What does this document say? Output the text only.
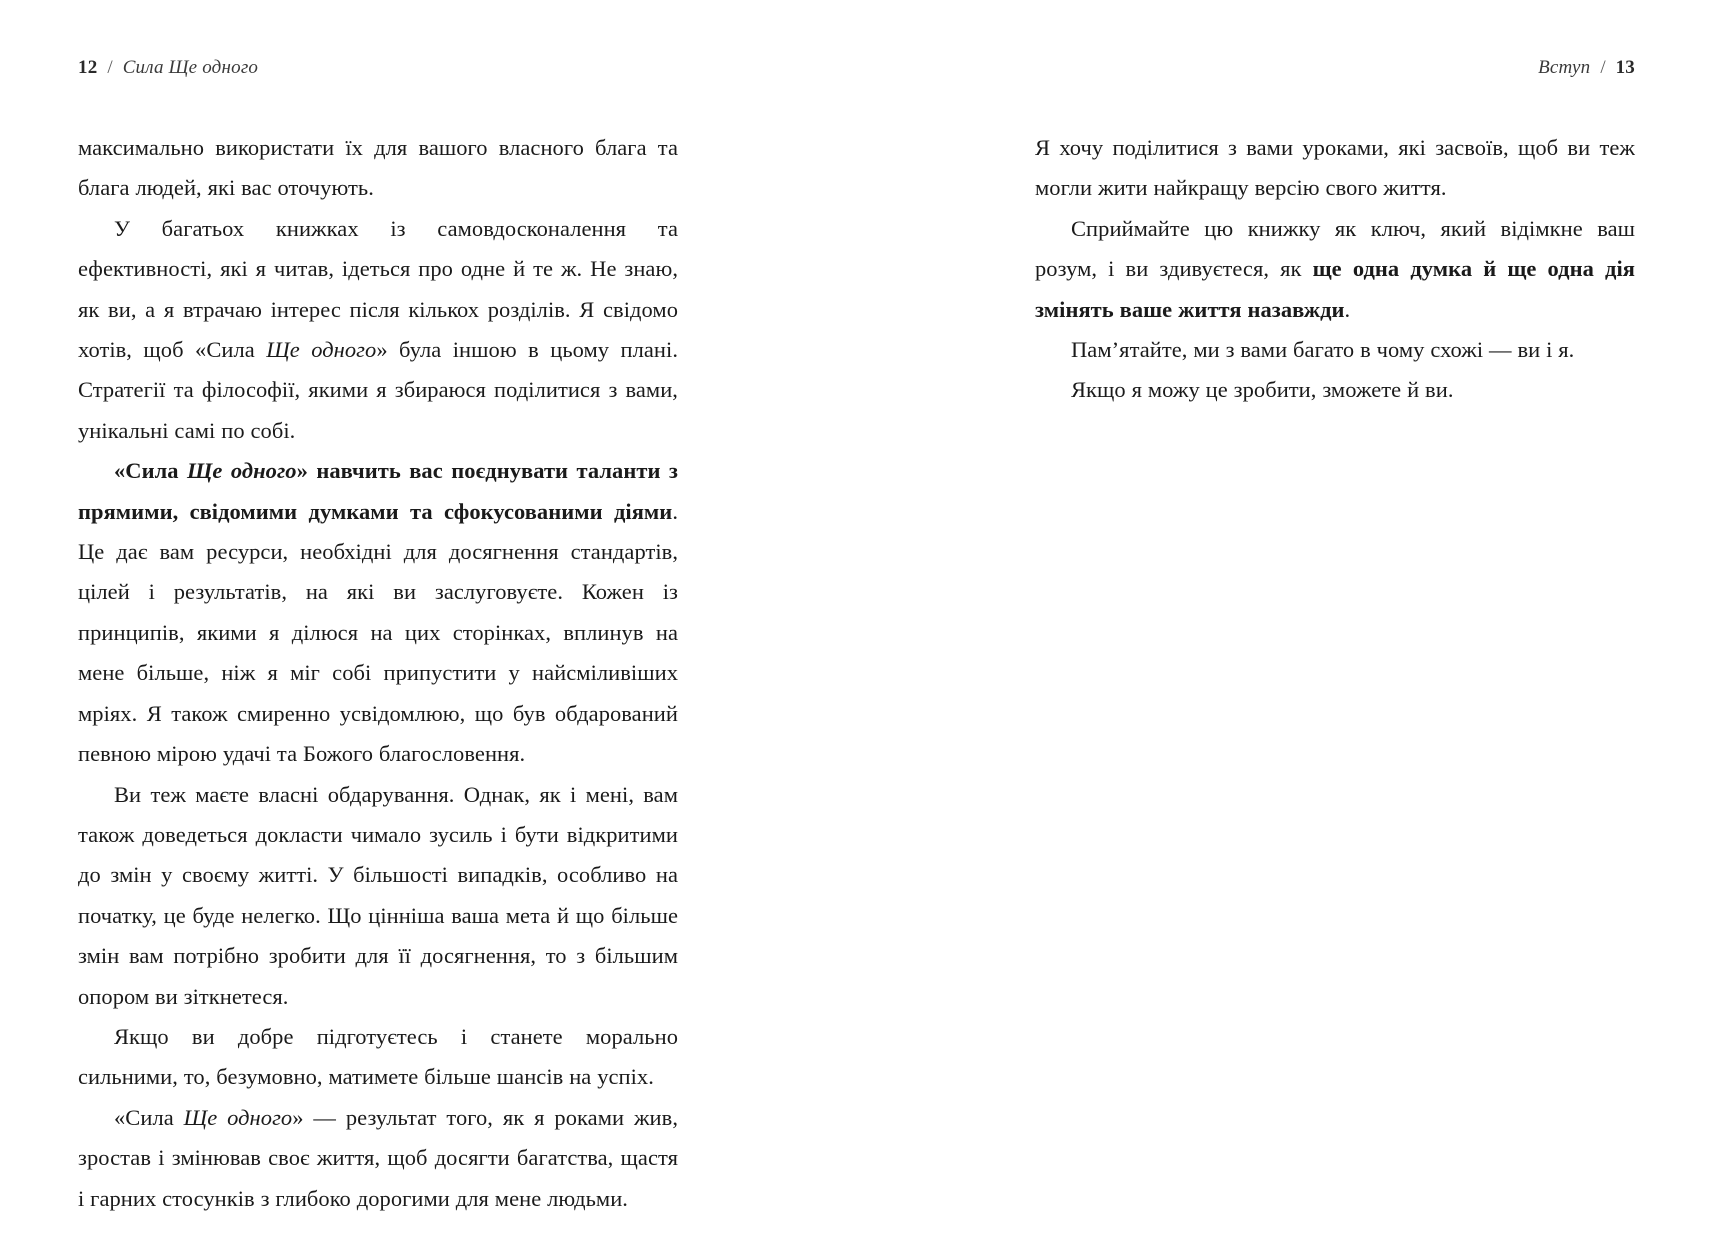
12 / Сила Ще одного	Вступ / 13

максимально використати їх для вашого власного блага та блага людей, які вас оточують.

У багатьох книжках із самовдосконалення та ефективності, які я читав, ідеться про одне й те ж. Не знаю, як ви, а я втрачаю інтерес після кількох розділів. Я свідомо хотів, щоб «Сила Ще одного» була іншою в цьому плані. Стратегії та філософії, якими я збираюся поділитися з вами, унікальні самі по собі.

«Сила Ще одного» навчить вас поєднувати таланти з прямими, свідомими думками та сфокусованими діями. Це дає вам ресурси, необхідні для досягнення стандартів, цілей і результатів, на які ви заслуговуєте. Кожен із принципів, якими я ділюся на цих сторінках, вплинув на мене більше, ніж я міг собі припустити у найсміливіших мріях. Я також смиренно усвідомлюю, що був обдарований певною мірою удачі та Божого благословення.

Ви теж маєте власні обдарування. Однак, як і мені, вам також доведеться докласти чимало зусиль і бути відкритими до змін у своєму житті. У більшості випадків, особливо на початку, це буде нелегко. Що цінніша ваша мета й що більше змін вам потрібно зробити для її досягнення, то з більшим опором ви зіткнетеся.

Якщо ви добре підготуєтесь і станете морально сильними, то, безумовно, матимете більше шансів на успіх.

«Сила Ще одного» — результат того, як я роками жив, зростав і змінював своє життя, щоб досягти багатства, щастя і гарних стосунків з глибоко дорогими для мене людьми.

Я хочу поділитися з вами уроками, які засвоїв, щоб ви теж могли жити найкращу версію свого життя.

Сприймайте цю книжку як ключ, який відімкне ваш розум, і ви здивуєтеся, як ще одна думка й ще одна дія змінять ваше життя назавжди.

Пам’ятайте, ми з вами багато в чому схожі — ви і я.

Якщо я можу це зробити, зможете й ви.
